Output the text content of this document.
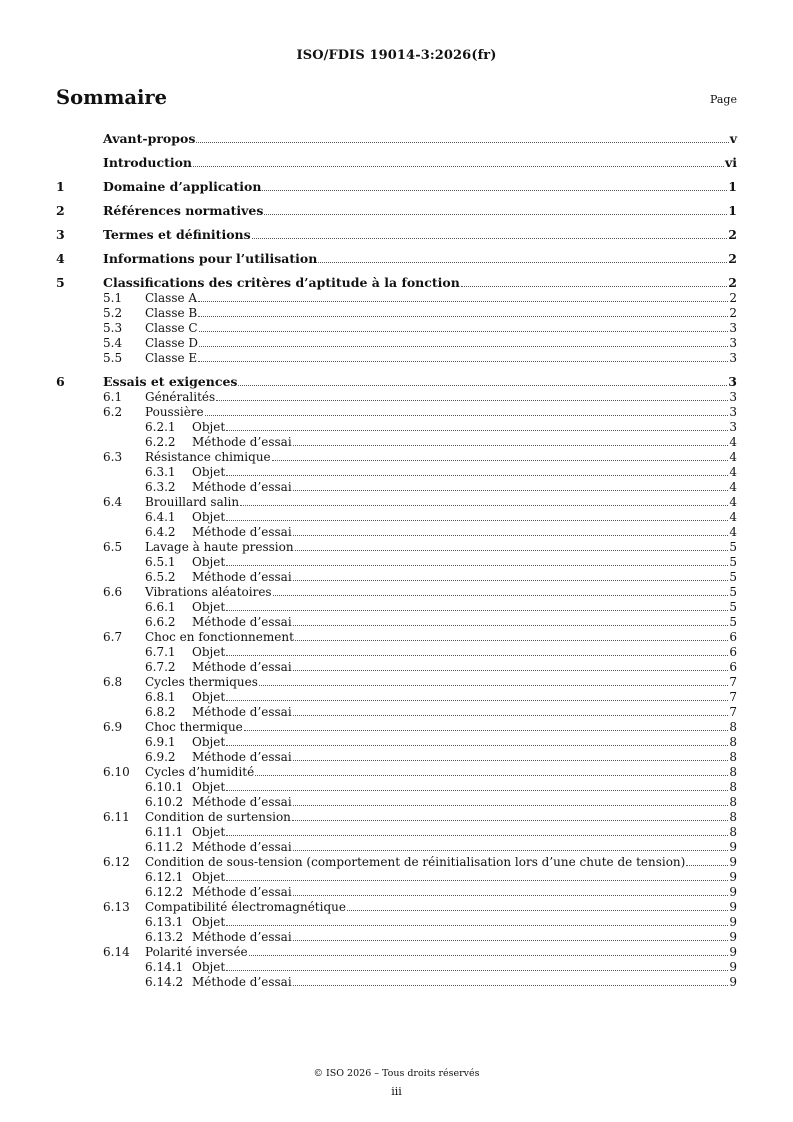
ISO/FDIS 19014-3:2026(fr)
Sommaire	Page
Avant-propos	v
Introduction	vi
1	Domaine d’application	1
2	Références normatives	1
3	Termes et définitions	2
4	Informations pour l’utilisation	2
5	Classifications des critères d’aptitude à la fonction	2
5.1	Classe A	2
5.2	Classe B	2
5.3	Classe C	3
5.4	Classe D	3
5.5	Classe E	3
6	Essais et exigences	3
6.1	Généralités	3
6.2	Poussière	3
6.2.1	Objet	3
6.2.2	Méthode d’essai	4
6.3	Résistance chimique	4
6.3.1	Objet	4
6.3.2	Méthode d’essai	4
6.4	Brouillard salin	4
6.4.1	Objet	4
6.4.2	Méthode d’essai	4
6.5	Lavage à haute pression	5
6.5.1	Objet	5
6.5.2	Méthode d’essai	5
6.6	Vibrations aléatoires	5
6.6.1	Objet	5
6.6.2	Méthode d’essai	5
6.7	Choc en fonctionnement	6
6.7.1	Objet	6
6.7.2	Méthode d’essai	6
6.8	Cycles thermiques	7
6.8.1	Objet	7
6.8.2	Méthode d’essai	7
6.9	Choc thermique	8
6.9.1	Objet	8
6.9.2	Méthode d’essai	8
6.10	Cycles d’humidité	8
6.10.1 Objet	8
6.10.2 Méthode d’essai	8
6.11	Condition de surtension	8
6.11.1 Objet	8
6.11.2 Méthode d’essai	9
6.12	Condition de sous-tension (comportement de réinitialisation lors d’une chute de tension)	9
6.12.1 Objet	9
6.12.2 Méthode d’essai	9
6.13	Compatibilité électromagnétique	9
6.13.1 Objet	9
6.13.2 Méthode d’essai	9
6.14	Polarité inversée	9
6.14.1 Objet	9
6.14.2 Méthode d’essai	9
© ISO 2026 – Tous droits réservés
iii
